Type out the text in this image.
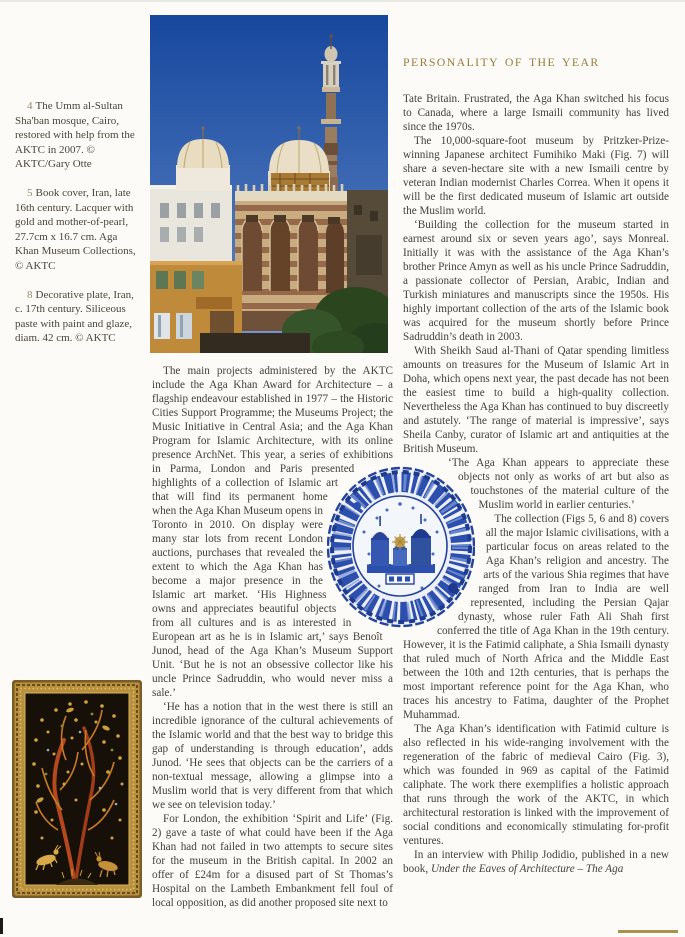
PERSONALITY OF THE YEAR

4 The Umm al-Sultan Sha'ban mosque, Cairo, restored with help from the AKTC in 2007. © AKTC/Gary Otte

5 Book cover, Iran, late 16th century. Lacquer with gold and mother-of-pearl, 27.7cm x 16.7 cm. Aga Khan Museum Collections, © AKTC

8 Decorative plate, Iran, c. 17th century. Siliceous paste with paint and glaze, diam. 42 cm. © AKTC

The main projects administered by the AKTC include the Aga Khan Award for Architecture – a flagship endeavour established in 1977 – the Historic Cities Support Programme; the Museums Project; the Music Initiative in Central Asia; and the Aga Khan Program for Islamic Architecture, with its online presence ArchNet. This year, a series of exhibitions in Parma, London and Paris presented highlights of a collection of Islamic art that will find its permanent home when the Aga Khan Museum opens in Toronto in 2010. On display were many star lots from recent London auctions, purchases that revealed the extent to which the Aga Khan has become a major presence in the Islamic art market. ‘His Highness owns and appreciates beautiful objects from all cultures and is as interested in European art as he is in Islamic art,’ says Benoît Junod, head of the Aga Khan’s Museum Support Unit. ‘But he is not an obsessive collector like his uncle Prince Sadruddin, who would never miss a sale.’

‘He has a notion that in the west there is still an incredible ignorance of the cultural achievements of the Islamic world and that the best way to bridge this gap of understanding is through education’, adds Junod. ‘He sees that objects can be the carriers of a non-textual message, allowing a glimpse into a Muslim world that is very different from that which we see on television today.’

For London, the exhibition ‘Spirit and Life’ (Fig. 2) gave a taste of what could have been if the Aga Khan had not failed in two attempts to secure sites for the museum in the British capital. In 2002 an offer of £24m for a disused part of St Thomas’s Hospital on the Lambeth Embankment fell foul of local opposition, as did another proposed site next to

Tate Britain. Frustrated, the Aga Khan switched his focus to Canada, where a large Ismaili community has lived since the 1970s.

The 10,000-square-foot museum by Pritzker-Prize-winning Japanese architect Fumihiko Maki (Fig. 7) will share a seven-hectare site with a new Ismaili centre by veteran Indian modernist Charles Correa. When it opens it will be the first dedicated museum of Islamic art outside the Muslim world.

‘Building the collection for the museum started in earnest around six or seven years ago’, says Monreal. Initially it was with the assistance of the Aga Khan’s brother Prince Amyn as well as his uncle Prince Sadruddin, a passionate collector of Persian, Arabic, Indian and Turkish miniatures and manuscripts since the 1950s. His highly important collection of the arts of the Islamic book was acquired for the museum shortly before Prince Sadruddin’s death in 2003.

With Sheikh Saud al-Thani of Qatar spending limitless amounts on treasures for the Museum of Islamic Art in Doha, which opens next year, the past decade has not been the easiest time to build a high-quality collection. Nevertheless the Aga Khan has continued to buy discreetly and astutely. ‘The range of material is impressive’, says Sheila Canby, curator of Islamic art and antiquities at the British Museum.

‘The Aga Khan appears to appreciate these objects not only as works of art but also as touchstones of the material culture of the Muslim world in earlier centuries.’

The collection (Figs 5, 6 and 8) covers all the major Islamic civilisations, with a particular focus on areas related to the Aga Khan’s religion and ancestry. The arts of the various Shia regimes that have ranged from Iran to India are well represented, including the Persian Qajar dynasty, whose ruler Fath Ali Shah first conferred the title of Aga Khan in the 19th century. However, it is the Fatimid caliphate, a Shia Ismaili dynasty that ruled much of North Africa and the Middle East between the 10th and 12th centuries, that is perhaps the most important reference point for the Aga Khan, who traces his ancestry to Fatima, daughter of the Prophet Muhammad.

The Aga Khan’s identification with Fatimid culture is also reflected in his wide-ranging involvement with the regeneration of the fabric of medieval Cairo (Fig. 3), which was founded in 969 as capital of the Fatimid caliphate. The work there exemplifies a holistic approach that runs through the work of the AKTC, in which architectural restoration is linked with the improvement of social conditions and economically stimulating for-profit ventures.

In an interview with Philip Jodidio, published in a new book, Under the Eaves of Architecture – The Aga
